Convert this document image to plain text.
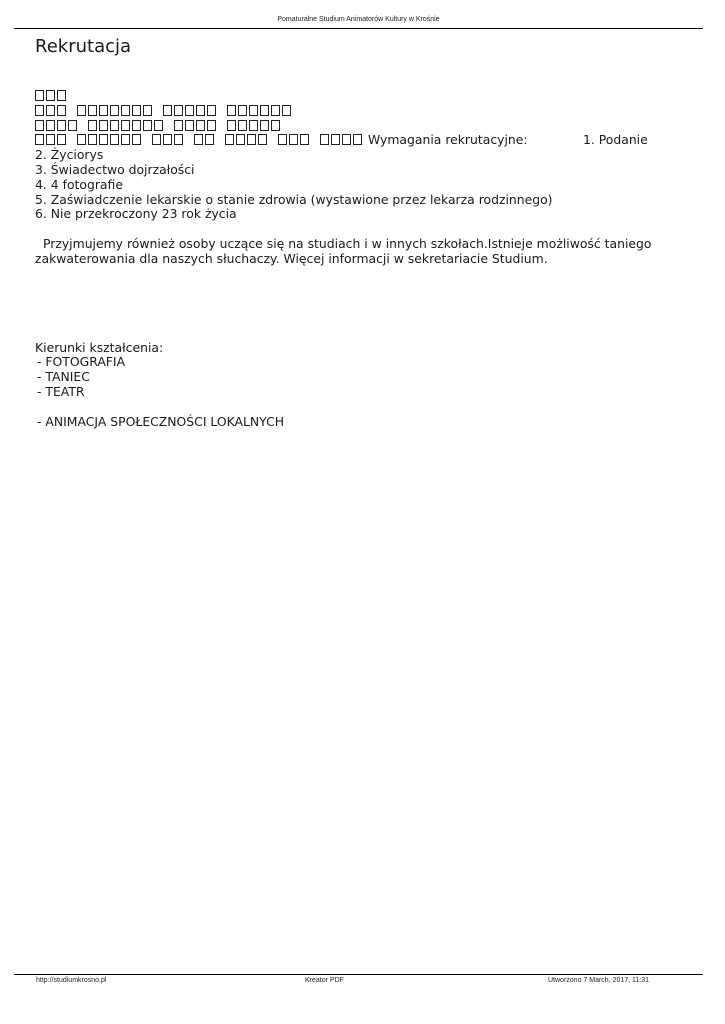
Pomaturalne Studium Animatorów Kultury w Krośnie
Rekrutacja
Wymagania rekrutacyjne:	1. Podanie
2. Życiorys
3. Świadectwo dojrzałości
4. 4 fotografie
5. Zaświadczenie lekarskie o stanie zdrowia (wystawione przez lekarza rodzinnego)
6. Nie przekroczony 23 rok życia
Przyjmujemy również osoby uczące się na studiach i w innych szkołach.Istnieje możliwość taniego
zakwaterowania dla naszych słuchaczy. Więcej informacji w sekretariacie Studium.
Kierunki kształcenia:
- FOTOGRAFIA
- TANIEC
- TEATR
- ANIMACJA SPOŁECZNOŚCI LOKALNYCH
http://studiumkrosno.pl	Kreator PDF	Utworzono 7 March, 2017, 11:31
